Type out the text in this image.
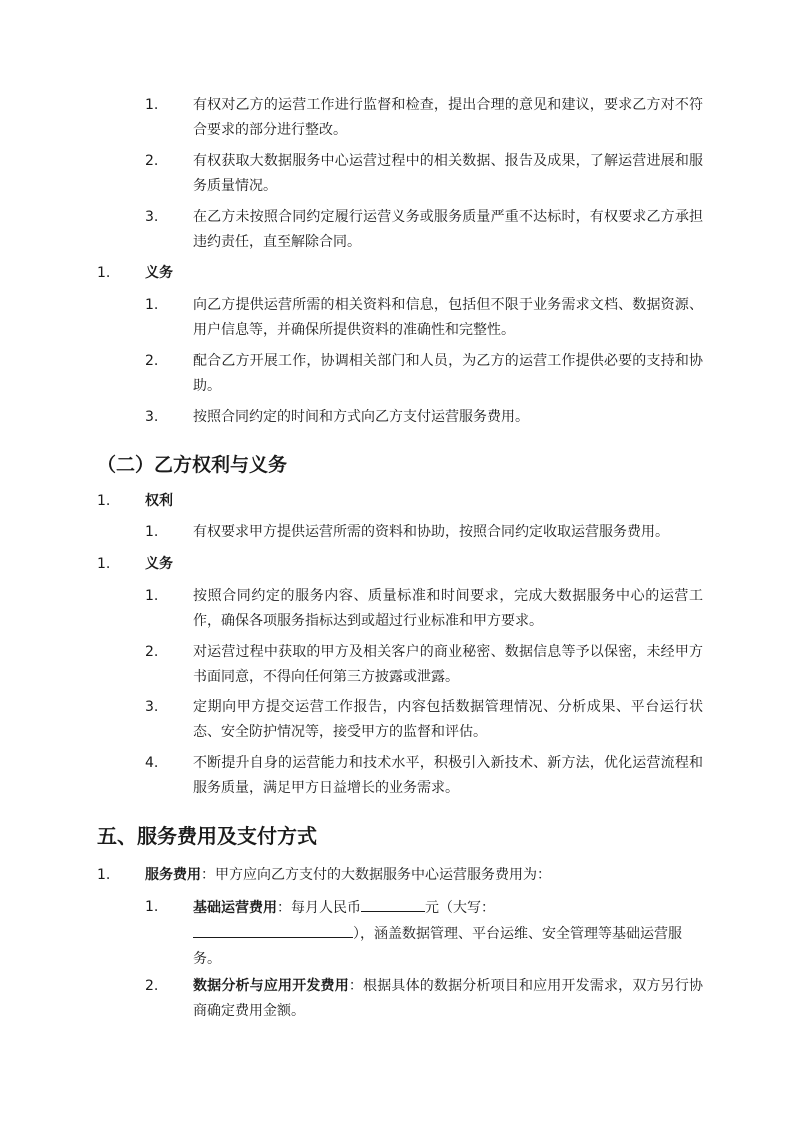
1. 有权对乙方的运营工作进行监督和检查，提出合理的意见和建议，要求乙方对不符合要求的部分进行整改。
2. 有权获取大数据服务中心运营过程中的相关数据、报告及成果，了解运营进展和服务质量情况。
3. 在乙方未按照合同约定履行运营义务或服务质量严重不达标时，有权要求乙方承担违约责任，直至解除合同。
1. 义务
1. 向乙方提供运营所需的相关资料和信息，包括但不限于业务需求文档、数据资源、用户信息等，并确保所提供资料的准确性和完整性。
2. 配合乙方开展工作，协调相关部门和人员，为乙方的运营工作提供必要的支持和协助。
3. 按照合同约定的时间和方式向乙方支付运营服务费用。
（二）乙方权利与义务
1. 权利
1. 有权要求甲方提供运营所需的资料和协助，按照合同约定收取运营服务费用。
1. 义务
1. 按照合同约定的服务内容、质量标准和时间要求，完成大数据服务中心的运营工作，确保各项服务指标达到或超过行业标准和甲方要求。
2. 对运营过程中获取的甲方及相关客户的商业秘密、数据信息等予以保密，未经甲方书面同意，不得向任何第三方披露或泄露。
3. 定期向甲方提交运营工作报告，内容包括数据管理情况、分析成果、平台运行状态、安全防护情况等，接受甲方的监督和评估。
4. 不断提升自身的运营能力和技术水平，积极引入新技术、新方法，优化运营流程和服务质量，满足甲方日益增长的业务需求。
五、服务费用及支付方式
1. 服务费用：甲方应向乙方支付的大数据服务中心运营服务费用为：
1. 基础运营费用：每月人民币	元（大写：
），涵盖数据管理、平台运维、安全管理等基础运营服务。
2. 数据分析与应用开发费用：根据具体的数据分析项目和应用开发需求，双方另行协商确定费用金额。
